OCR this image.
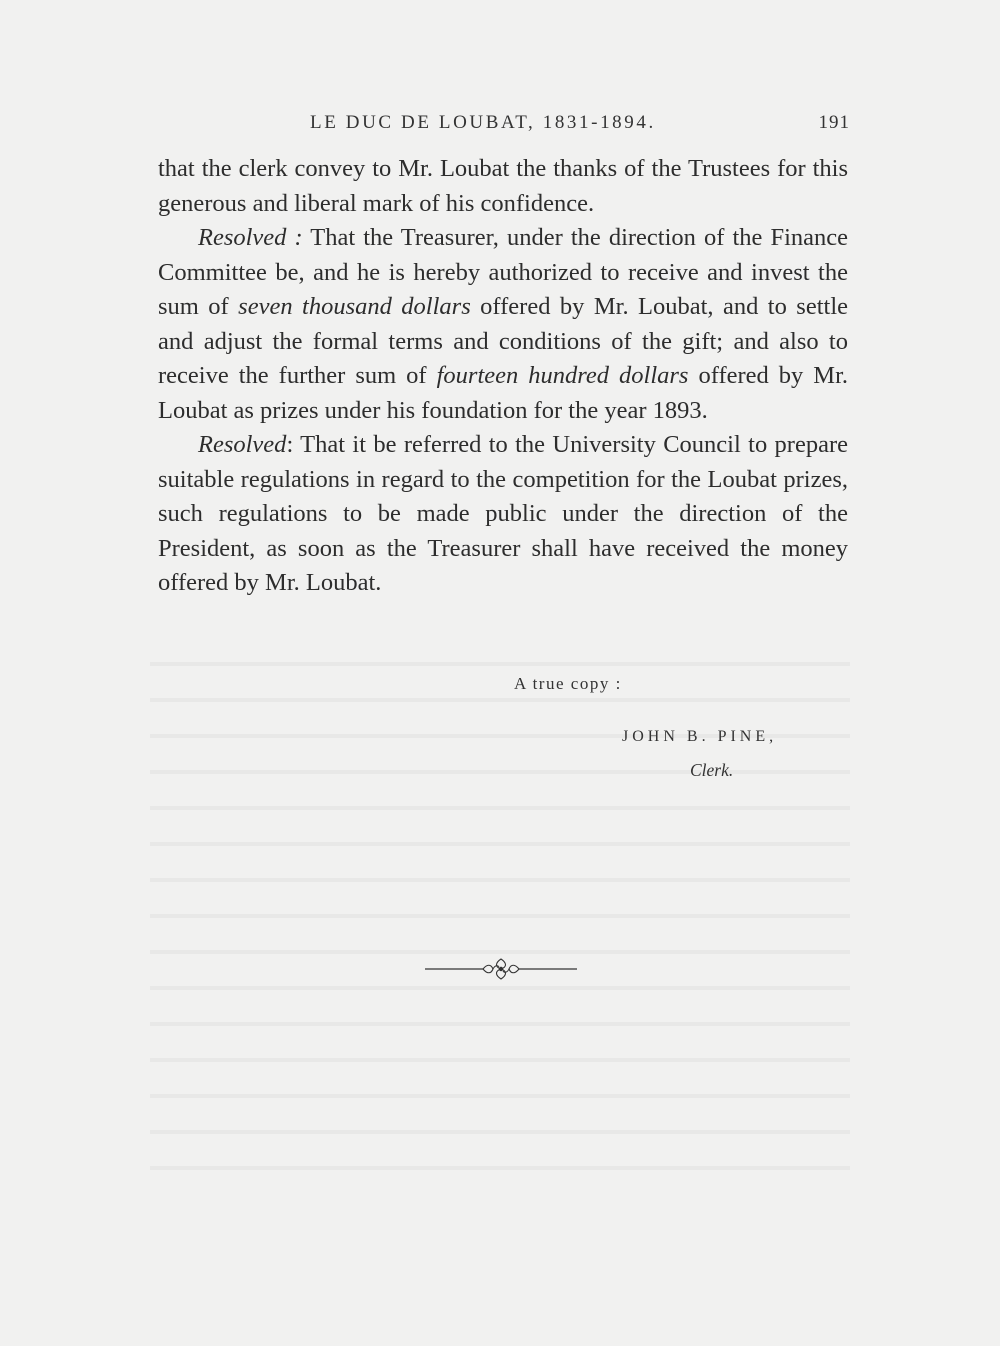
LE DUC DE LOUBAT, 1831-1894.	191

that the clerk convey to Mr. Loubat the thanks of the Trustees for this generous and liberal mark of his confidence.

Resolved : That the Treasurer, under the direction of the Finance Committee be, and he is hereby authorized to receive and invest the sum of seven thousand dollars offered by Mr. Loubat, and to settle and adjust the formal terms and conditions of the gift; and also to receive the further sum of fourteen hundred dollars offered by Mr. Loubat as prizes under his foundation for the year 1893.

Resolved: That it be referred to the University Council to prepare suitable regulations in regard to the competition for the Loubat prizes, such regulations to be made public under the direction of the President, as soon as the Treasurer shall have received the money offered by Mr. Loubat.

A true copy :
JOHN B. PINE,
Clerk.
